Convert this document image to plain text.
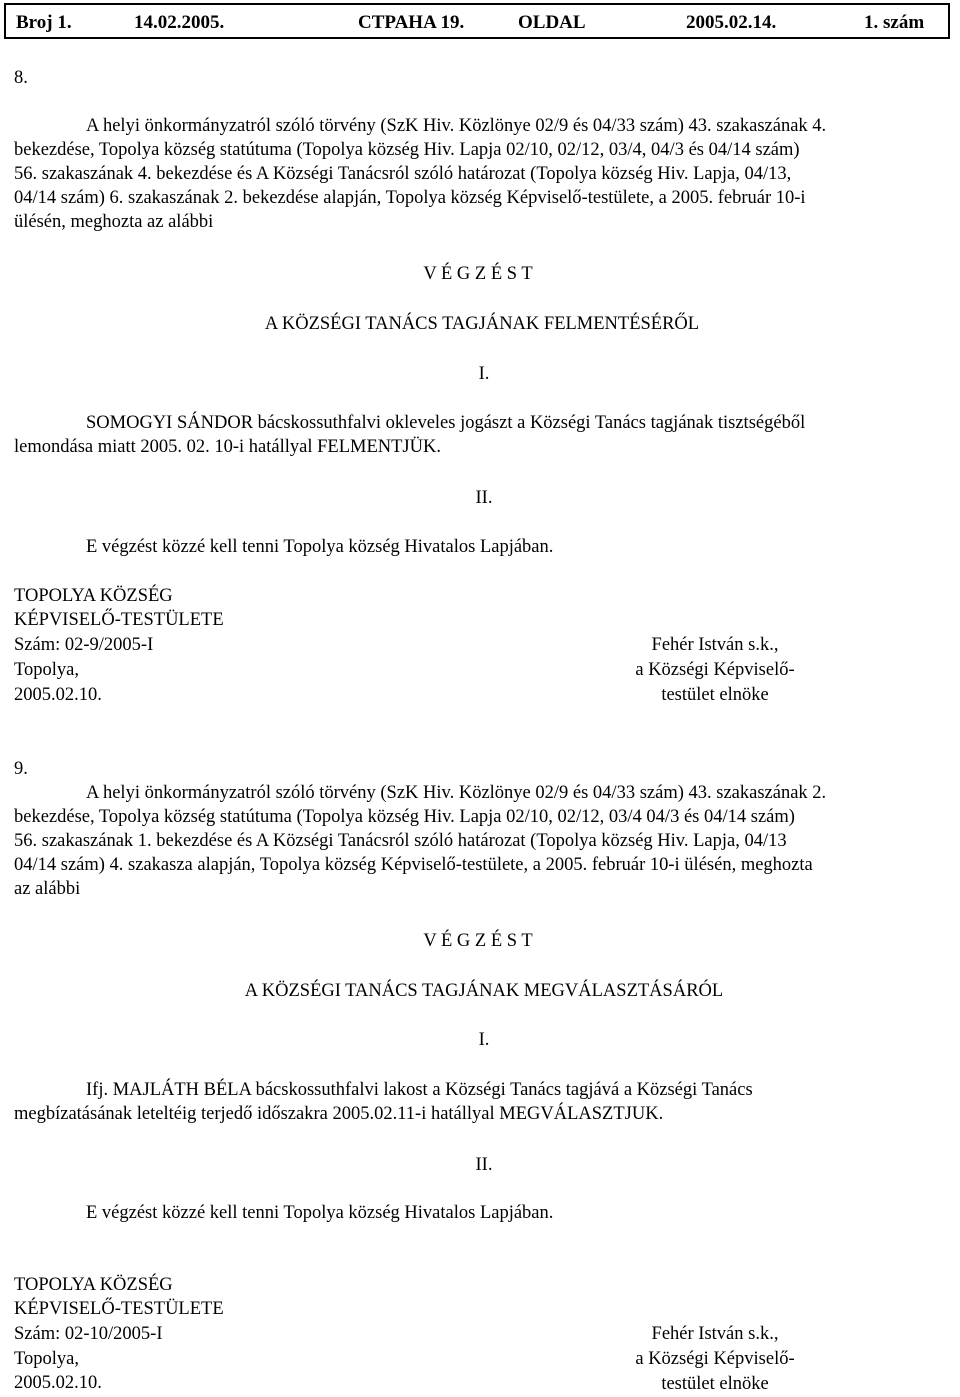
Broj 1.	14.02.2005.	CTPAHA 19.	OLDAL	2005.02.14.	1. szám
8.
A helyi önkormányzatról szóló törvény (SzK Hiv. Közlönye 02/9 és 04/33 szám) 43. szakaszának 4.
bekezdése, Topolya község statútuma (Topolya község Hiv. Lapja 02/10, 02/12, 03/4, 04/3 és 04/14 szám)
56. szakaszának 4. bekezdése és A Községi Tanácsról szóló határozat (Topolya község Hiv. Lapja, 04/13,
04/14 szám) 6. szakaszának 2. bekezdése alapján, Topolya község Képviselő-testülete, a 2005. február 10-i
ülésén, meghozta az alábbi
V É G Z É S T
A KÖZSÉGI TANÁCS TAGJÁNAK FELMENTÉSÉRŐL
I.
SOMOGYI SÁNDOR bácskossuthfalvi okleveles jogászt a Községi Tanács tagjának tisztségéből
lemondása miatt 2005. 02. 10-i hatállyal FELMENTJÜK.
II.
E végzést közzé kell tenni Topolya község Hivatalos Lapjában.
TOPOLYA KÖZSÉG
KÉPVISELŐ-TESTÜLETE
Szám: 02-9/2005-I
Topolya,
2005.02.10.
Fehér István s.k.,
a Községi Képviselő-
testület elnöke
9.
A helyi önkormányzatról szóló törvény (SzK Hiv. Közlönye 02/9 és 04/33 szám) 43. szakaszának 2.
bekezdése, Topolya község statútuma (Topolya község Hiv. Lapja 02/10, 02/12, 03/4 04/3 és 04/14 szám)
56. szakaszának 1. bekezdése és A Községi Tanácsról szóló határozat (Topolya község Hiv. Lapja, 04/13
04/14 szám) 4. szakasza alapján, Topolya község Képviselő-testülete, a 2005. február 10-i ülésén, meghozta
az alábbi
V É G Z É S T
A KÖZSÉGI TANÁCS TAGJÁNAK MEGVÁLASZTÁSÁRÓL
I.
Ifj. MAJLÁTH BÉLA bácskossuthfalvi lakost a Községi Tanács tagjává a Községi Tanács
megbízatásának leteltéig terjedő időszakra 2005.02.11-i hatállyal MEGVÁLASZTJUK.
II.
E végzést közzé kell tenni Topolya község Hivatalos Lapjában.
TOPOLYA KÖZSÉG
KÉPVISELŐ-TESTÜLETE
Szám: 02-10/2005-I
Topolya,
2005.02.10.
Fehér István s.k.,
a Községi Képviselő-
testület elnöke
